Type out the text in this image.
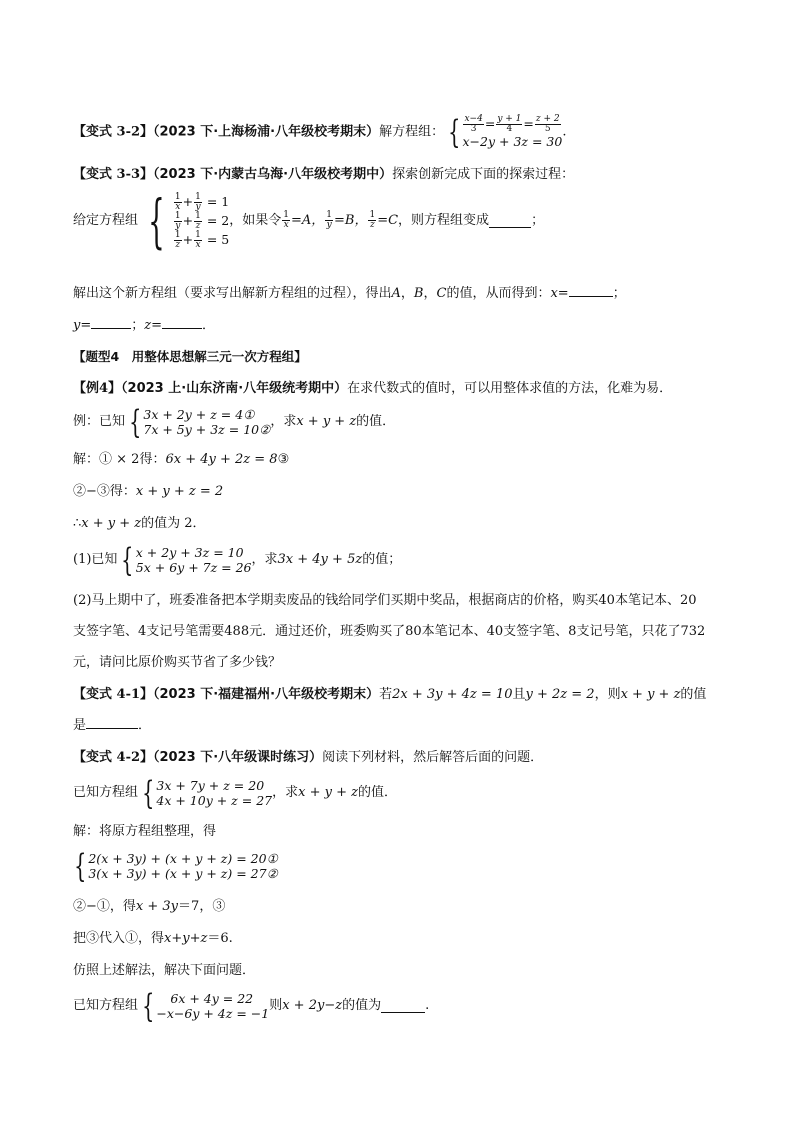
【变式 3-2】（2023 下·上海杨浦·八年级校考期末）解方程组： { $\frac{x-4}{3} = \frac{y + 1}{4} = \frac{z + 2}{5}$
x−2y + 3z = 30
.
【变式 3-3】（2023 下·内蒙古乌海·八年级校考期中）探索创新完成下面的探索过程：
给定方程组 { $\frac{1}{x} + \frac{1}{y} = 1$
$\frac{1}{y} + \frac{1}{z} = 2$
$\frac{1}{z} + \frac{1}{x} = 5$
，如果令 $\frac{1}{x} =A$， $\frac{1}{y} =B$， $\frac{1}{z} =C$，则方程组变成	；
解出这个新方程组（要求写出解新方程组的过程），得出A，B，C的值，从而得到：x=	；
y=	；z=	．
【题型4　用整体思想解三元一次方程组】
【例4】（2023 上·山东济南·八年级统考期中）在求代数式的值时，可以用整体求值的方法，化难为易．
例：已知 { 3x + 2y + z = 4①
7x + 5y + 3z = 10②
，求x + y + z的值．
解：① × 2得：6x + 4y + 2z = 8③
②−③得：x + y + z = 2
∴x + y + z的值为 2．
(1)已知 { x + 2y + 3z = 10
5x + 6y + 7z = 26
，求3x + 4y + 5z的值；
(2)马上期中了，班委准备把本学期卖废品的钱给同学们买期中奖品，根据商店的价格，购买40本笔记本、20
支签字笔、4支记号笔需要488元．通过还价，班委购买了80本笔记本、40支签字笔、8支记号笔，只花了732
元，请问比原价购买节省了多少钱？
【变式 4-1】（2023 下·福建福州·八年级校考期末）若2x + 3y + 4z = 10且y + 2z = 2，则x + y + z的值
是	．
【变式 4-2】（2023 下·八年级课时练习）阅读下列材料，然后解答后面的问题．
已知方程组 { 3x + 7y + z = 20
4x + 10y + z = 27
，求x + y + z的值．
解：将原方程组整理，得
{ 2(x + 3y) + (x + y + z) = 20①
3(x + 3y) + (x + y + z) = 27②
②−①，得x + 3y＝7，③
把③代入①，得x+y+z＝6.
仿照上述解法，解决下面问题．
已知方程组 {	6x + 4y = 22
−x−6y + 4z = −1
则x + 2y−z的值为	.
